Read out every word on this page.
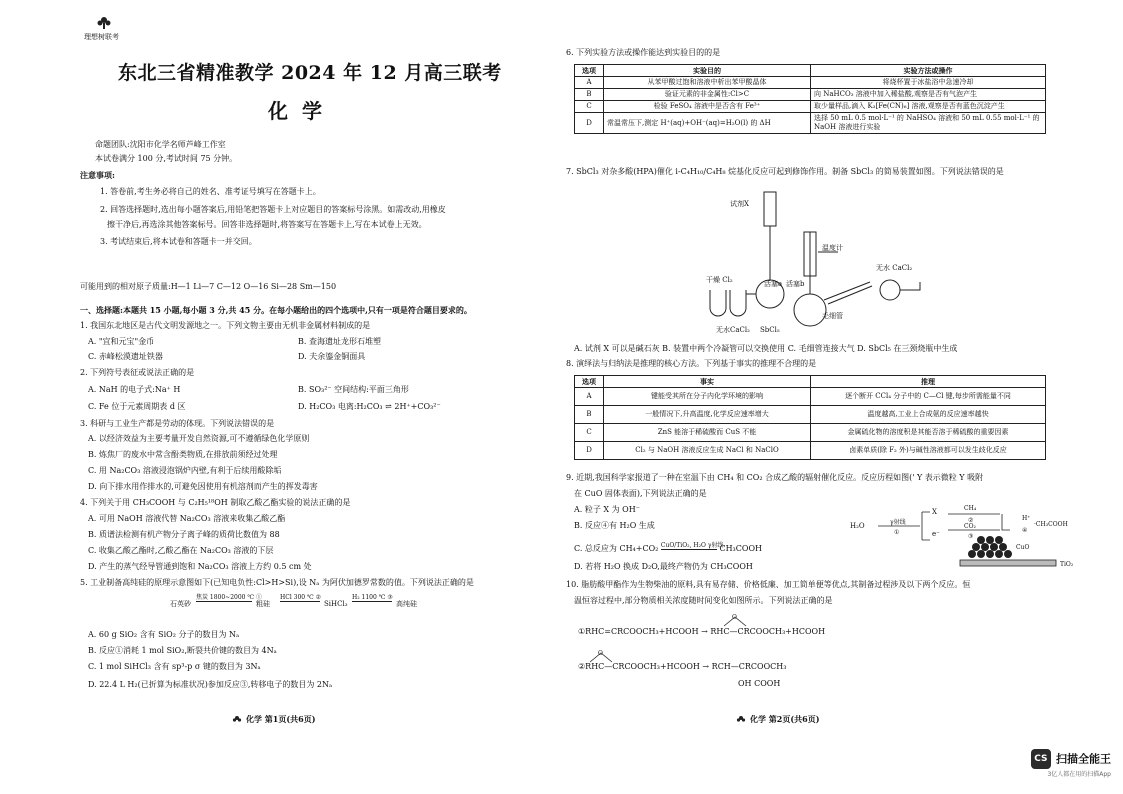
理想树联考
东北三省精准教学 2024 年 12 月高三联考
化学
命题团队:沈阳市化学名师芦峰工作室
本试卷满分 100 分,考试时间 75 分钟。
注意事项:
1. 答卷前,考生务必将自己的姓名、准考证号填写在答题卡上。
2. 回答选择题时,选出每小题答案后,用铅笔把答题卡上对应题目的答案标号涂黑。如需改动,用橡皮
擦干净后,再选涂其他答案标号。回答非选择题时,将答案写在答题卡上,写在本试卷上无效。
3. 考试结束后,将本试卷和答题卡一并交回。
可能用到的相对原子质量:H—1 Li—7 C—12 O—16 Si—28 Sm—150
一、选择题:本题共 15 小题,每小题 3 分,共 45 分。在每小题给出的四个选项中,只有一项是符合题目要求的。
1. 我国东北地区是古代文明发源地之一。下列文物主要由无机非金属材料制成的是
A. "宜和元宝"金币	B. 查海遗址龙形石堆塑
C. 赤峰松漠遗址铁器	D. 夫余鎏金铜面具
2. 下列符号表征或说法正确的是
A. NaH 的电子式:Na⁺ H	B. SO₃²⁻ 空间结构:平面三角形
C. Fe 位于元素周期表 d 区	D. H₂CO₃ 电离:H₂CO₃ ⇌ 2H⁺+CO₃²⁻
3. 科研与工业生产都是劳动的体现。下列说法错误的是
A. 以经济效益为主要考量开发自然资源,可不遵循绿色化学原则
B. 炼焦厂的废水中常含酚类物质,在排放前须经过处理
C. 用 Na₂CO₃ 溶液浸泡锅炉内壁,有利于后续用酸除垢
D. 向下排水用作排水的,可避免因使用有机溶剂而产生的挥发毒害
4. 下列关于用 CH₃COOH 与 C₂H₅¹⁸OH 制取乙酸乙酯实验的说法正确的是
A. 可用 NaOH 溶液代替 Na₂CO₃ 溶液来收集乙酸乙酯
B. 质谱法检测有机产物分子离子峰的质荷比数值为 88
C. 收集乙酸乙酯时,乙酸乙酯在 Na₂CO₃ 溶液的下层
D. 产生的蒸气经导管通到饱和 Na₂CO₃ 溶液上方约 0.5 cm 处
5. 工业制备高纯硅的原理示意图如下(已知电负性:Cl>H>Si),设 Nₐ 为阿伏加德罗常数的值。下列说法正确的是
石英砂
焦炭 1800~2000 ℃ ①
粗硅
HCl 300 ℃ ②
SiHCl₃
H₂ 1100 ℃ ③
高纯硅
A. 60 g SiO₂ 含有 SiO₂ 分子的数目为 Nₐ
B. 反应①消耗 1 mol SiO₂,断裂共价键的数目为 4Nₐ
C. 1 mol SiHCl₃ 含有 sp³-p σ 键的数目为 3Nₐ
D. 22.4 L H₂(已折算为标准状况)参加反应③,转移电子的数目为 2Nₐ
化学 第1页(共6页)
6. 下列实验方法或操作能达到实验目的的是
选项	实验目的	实验方法或操作
A	从苯甲酸过饱和溶液中析出苯甲酸晶体	将烧杯置于冰盐浴中急速冷却
B	验证元素的非金属性:Cl>C	向 NaHCO₃ 溶液中加入稀盐酸,观察是否有气泡产生
C	检验 FeSO₄ 溶液中是否含有 Fe³⁺	取少量样品,滴入 K₃[Fe(CN)₆] 溶液,观察是否有蓝色沉淀产生
D	常温常压下,测定 H⁺(aq)+OH⁻(aq)=H₂O(l) 的 ΔH	选择 50 mL 0.5 mol·L⁻¹ 的 NaHSO₄ 溶液和 50 mL 0.55 mol·L⁻¹ 的 NaOH 溶液进行实验
7. SbCl₃ 对杂多酸(HPA)催化 i-C₄H₁₀/C₄H₈ 烷基化反应可起到修饰作用。制备 SbCl₃ 的简易装置如图。下列说法错误的是
试剂X
温度计
干燥 Cl₂	活塞a 活塞b
无水 CaCl₂
无水CaCl₂ SbCl₅
毛细管
A. 试剂 X 可以是碱石灰 B. 装置中两个冷凝管可以交换使用 C. 毛细管连接大气 D. SbCl₅ 在三颈烧瓶中生成
8. 演绎法与归纳法是推理的核心方法。下列基于事实的推理不合理的是
选项	事实	推理
A	键能受其所在分子内化学环境的影响	逐个断开 CCl₄ 分子中的 C—Cl 键,每步所需能量不同
B	一般情况下,升高温度,化学反应速率增大	温度越高,工业上合成氨的反应速率越快
C	ZnS 能溶于稀硫酸而 CuS 不能	金属硫化物的溶度积是其能否溶于稀硫酸的重要因素
D	Cl₂ 与 NaOH 溶液反应生成 NaCl 和 NaClO	卤素单质(除 F₂ 外)与碱性溶液都可以发生歧化反应
9. 近期,我国科学家报道了一种在室温下由 CH₄ 和 CO₂ 合成乙酸的辐射催化反应。反应历程如图(' Y 表示微粒 Y 吸附
在 CuO 固体表面),下列说法正确的是
A. 粒子 X 为 OH⁻
B. 反应④有 H₂O 生成
C. 总反应为 CH₄+CO₂ CuO/TiO₂, H₂O γ射线 CH₃COOH
D. 若将 H₂O 换成 D₂O,最终产物仍为 CH₃COOH
H₂O	γ射线
①
X	CH₄
②
e⁻
CO₂
③
H⁺
④
·CH₃COOH
CuO
TiO₂
10. 脂肪酸甲酯作为生物柴油的原料,具有易存储、价格低廉、加工简单便等优点,其制备过程涉及以下两个反应。恒
温恒容过程中,部分物质相关浓度随时间变化如图所示。下列说法正确的是
O
①RHC=CRCOOCH₃+HCOOH → RHC—CRCOOCH₃+HCOOH
O
②RHC—CRCOOCH₃+HCOOH → RCH—CRCOOCH₃
OH COOH
化学 第2页(共6页)
CS 扫描全能王
3亿人都在用的扫描App
